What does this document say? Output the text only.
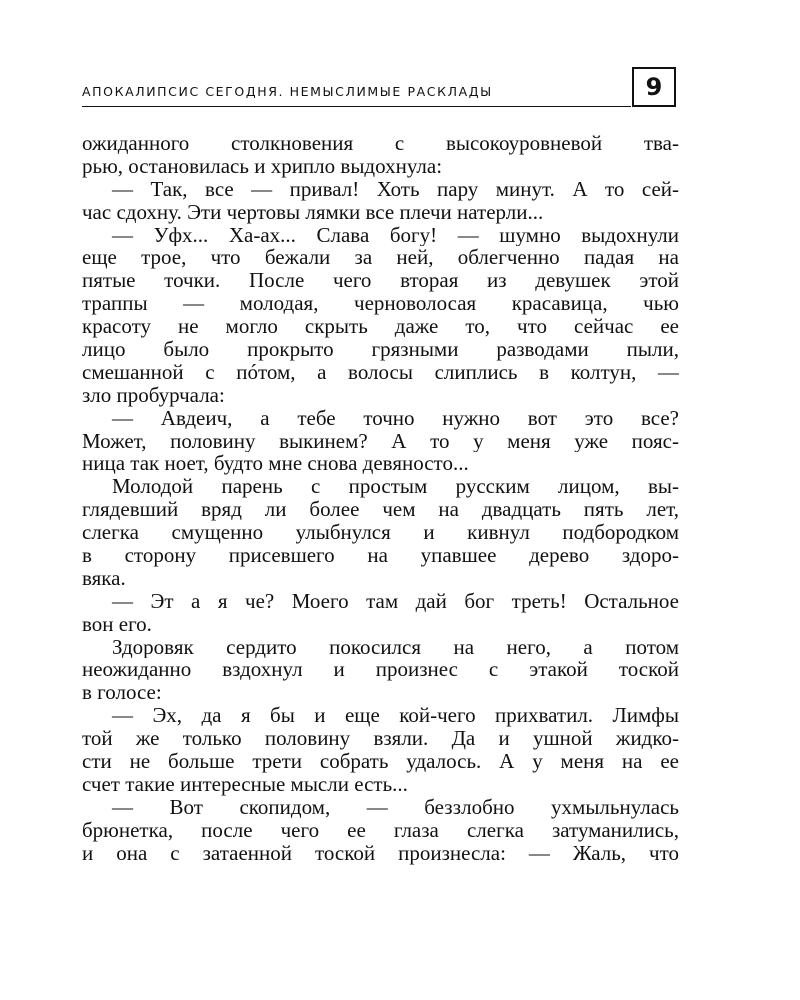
АПОКАЛИПСИС СЕГОДНЯ. НЕМЫСЛИМЫЕ РАСКЛАДЫ	9
ожиданного столкновения с высокоуровневой тва-
рью, остановилась и хрипло выдохнула:
— Так, все — привал! Хоть пару минут. А то сей-
час сдохну. Эти чертовы лямки все плечи натерли...
— Уфх... Ха-ах... Слава богу! — шумно выдохнули
еще трое, что бежали за ней, облегченно падая на
пятые точки. После чего вторая из девушек этой
траппы — молодая, черноволосая красавица, чью
красоту не могло скрыть даже то, что сейчас ее
лицо было прокрыто грязными разводами пыли,
смешанной с пóтом, а волосы слиплись в колтун, —
зло пробурчала:
— Авдеич, а тебе точно нужно вот это все?
Может, половину выкинем? А то у меня уже пояс-
ница так ноет, будто мне снова девяносто...
Молодой парень с простым русским лицом, вы-
глядевший вряд ли более чем на двадцать пять лет,
слегка смущенно улыбнулся и кивнул подбородком
в сторону присевшего на упавшее дерево здоро-
вяка.
— Эт а я че? Моего там дай бог треть! Остальное
вон его.
Здоровяк сердито покосился на него, а потом
неожиданно вздохнул и произнес с этакой тоской
в голосе:
— Эх, да я бы и еще кой-чего прихватил. Лимфы
той же только половину взяли. Да и ушной жидко-
сти не больше трети собрать удалось. А у меня на ее
счет такие интересные мысли есть...
— Вот скопидом, — беззлобно ухмыльнулась
брюнетка, после чего ее глаза слегка затуманились,
и она с затаенной тоской произнесла: — Жаль, что
